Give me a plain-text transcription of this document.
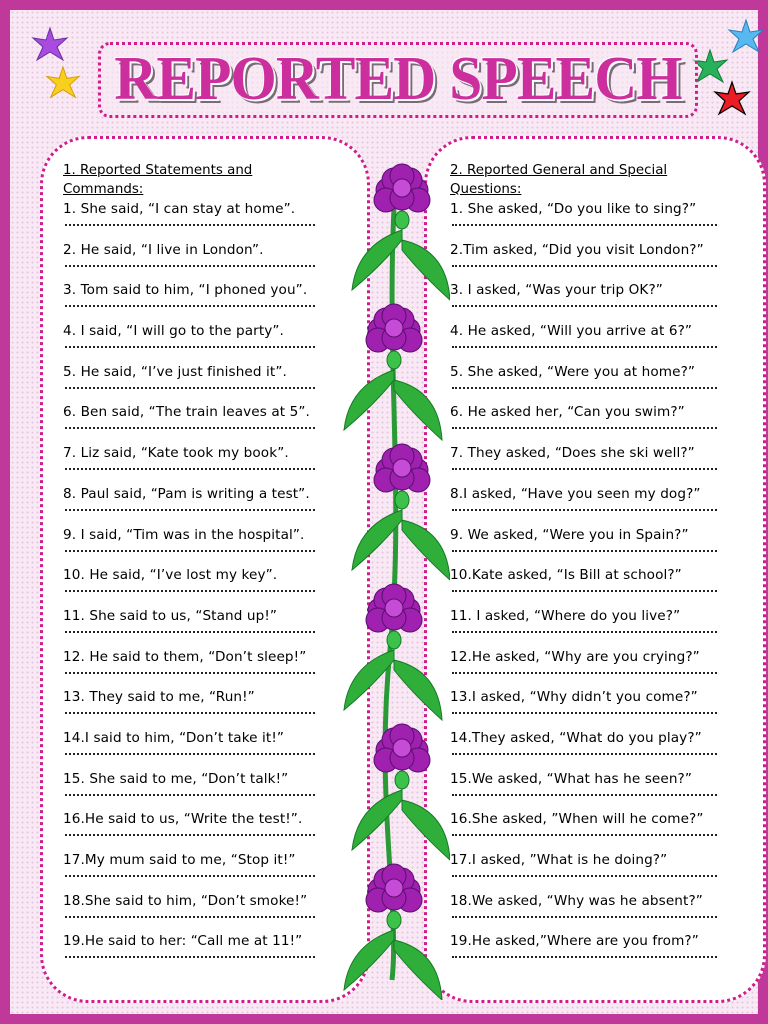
REPORTED SPEECH
1. Reported Statements and
Commands:
1. She said, “I can stay at home”.
2. He said, “I live in London”.
3. Tom said to him, “I phoned you”.
4. I said, “I will go to the party”.
5. He said, “I’ve just finished it”.
6. Ben said, “The train leaves at 5”.
7. Liz said, “Kate took my book”.
8. Paul said, “Pam is writing a test”.
9. I said, “Tim was in the hospital”.
10. He said, “I’ve lost my key”.
11. She said to us, “Stand up!”
12. He said to them, “Don’t sleep!”
13. They said to me, “Run!”
14.I said to him, “Don’t take it!”
15. She said to me, “Don’t talk!”
16.He said to us, “Write the test!”.
17.My mum said to me, “Stop it!”
18.She said to him, “Don’t smoke!”
19.He said to her: “Call me at 11!”
2. Reported General and Special
Questions:
1. She asked, “Do you like to sing?”
2.Tim asked, “Did you visit London?”
3. I asked, “Was your trip OK?”
4. He asked, “Will you arrive at 6?”
5. She asked, “Were you at home?”
6. He asked her, “Can you swim?”
7. They asked, “Does she ski well?”
8.I asked, “Have you seen my dog?”
9. We asked, “Were you in Spain?”
10.Kate asked, “Is Bill at school?”
11. I asked, “Where do you live?”
12.He asked, “Why are you crying?”
13.I asked, “Why didn’t you come?”
14.They asked, “What do you play?”
15.We asked, “What has he seen?”
16.She asked, ”When will he come?”
17.I asked, ”What is he doing?”
18.We asked, “Why was he absent?”
19.He asked,”Where are you from?”
